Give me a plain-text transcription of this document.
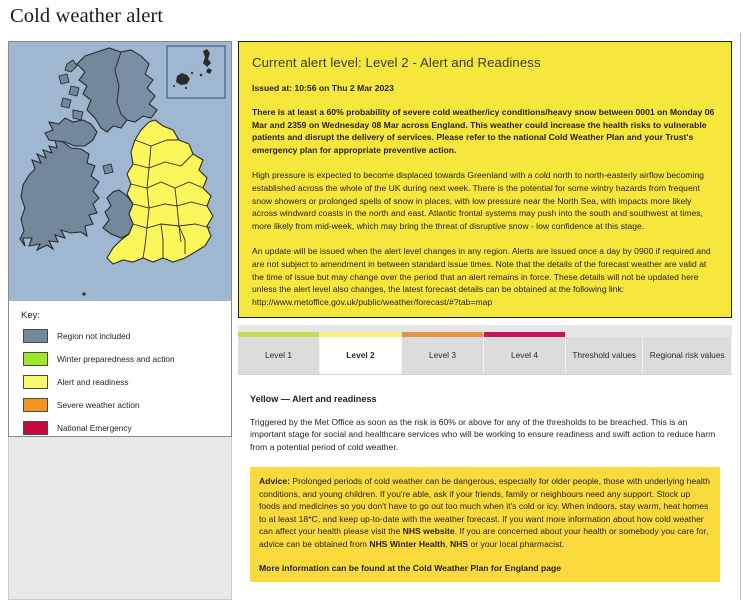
Cold weather alert
Key:
Region not included
Winter preparedness and action
Alert and readiness
Severe weather action
National Emergency
Current alert level: Level 2 - Alert and Readiness
Issued at: 10:56 on Thu 2 Mar 2023
There is at least a 60% probability of severe cold weather/icy conditions/heavy snow between 0001 on Monday 06 Mar and 2359 on Wednesday 08 Mar across England. This weather could increase the health risks to vulnerable patients and disrupt the delivery of services. Please refer to the national Cold Weather Plan and your Trust's emergency plan for appropriate preventive action.
High pressure is expected to become displaced towards Greenland with a cold north to north-easterly airflow becoming established across the whole of the UK during next week. There is the potential for some wintry hazards from frequent snow showers or prolonged spells of snow in places, with low pressure near the North Sea, with impacts more likely across windward coasts in the north and east. Atlantic frontal systems may push into the south and southwest at times, more likely from mid-week, which may bring the threat of disruptive snow - low confidence at this stage.
An update will be issued when the alert level changes in any region. Alerts are issued once a day by 0900 if required and are not subject to amendment in between standard issue times. Note that the details of the forecast weather are valid at the time of issue but may change over the period that an alert remains in force. These details will not be updated here unless the alert level also changes, the latest forecast details can be obtained at the following link: http://www.metoffice.gov.uk/public/weather/forecast/#?tab=map
Level 1	Level 2	Level 3	Level 4	Threshold values Regional risk values
Yellow — Alert and readiness
Triggered by the Met Office as soon as the risk is 60% or above for any of the thresholds to be breached. This is an important stage for social and healthcare services who will be working to ensure readiness and swift action to reduce harm from a potential period of cold weather.
Advice: Prolonged periods of cold weather can be dangerous, especially for older people, those with underlying health conditions, and young children. If you're able, ask if your friends, family or neighbours need any support. Stock up foods and medicines so you don't have to go out too much when it's cold or icy. When indoors, stay warm, heat homes to at least 18*C, and keep up-to-date with the weather forecast. If you want more information about how cold weather can affect your health please visit the NHS website. If you are concerned about your health or somebody you care for, advice can be obtained from NHS Winter Health, NHS or your local pharmacist.
More information can be found at the Cold Weather Plan for England page
